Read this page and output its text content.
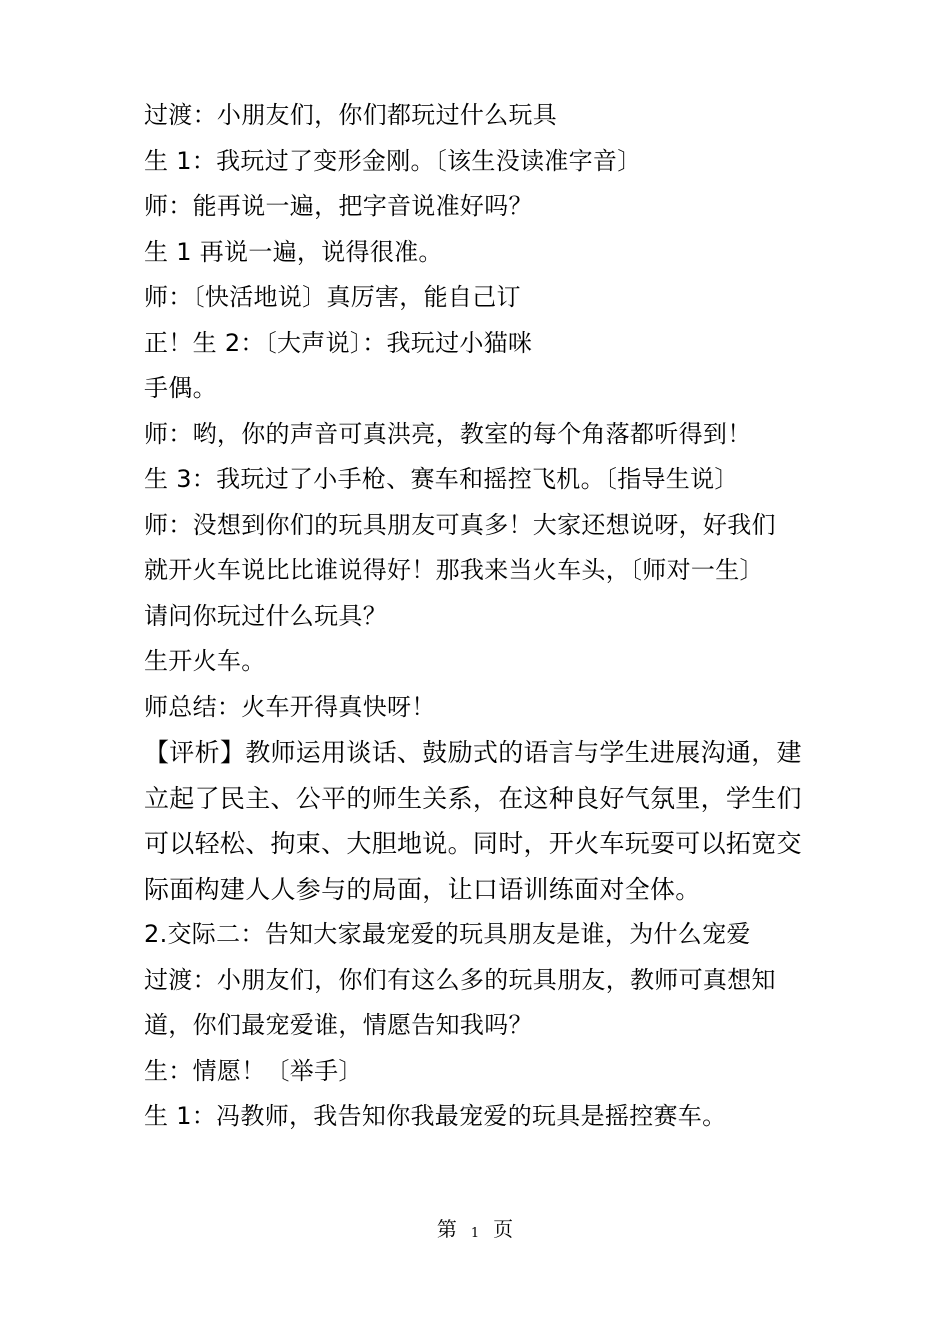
过渡：小朋友们，你们都玩过什么玩具
生 1：我玩过了变形金刚。〔该生没读准字音〕
师：能再说一遍，把字音说准好吗？
生 1 再说一遍，说得很准。
师：〔快活地说〕真厉害，能自己订
正！生 2：〔大声说〕：我玩过小猫咪
手偶。
师：哟，你的声音可真洪亮，教室的每个角落都听得到！
生 3：我玩过了小手枪、赛车和摇控飞机。〔指导生说〕
师：没想到你们的玩具朋友可真多！大家还想说呀，好我们
就开火车说比比谁说得好！那我来当火车头，〔师对一生〕
请问你玩过什么玩具？
生开火车。
师总结：火车开得真快呀！
【评析】教师运用谈话、鼓励式的语言与学生进展沟通，建
立起了民主、公平的师生关系，在这种良好气氛里，学生们
可以轻松、拘束、大胆地说。同时，开火车玩耍可以拓宽交
际面构建人人参与的局面，让口语训练面对全体。
2.交际二：告知大家最宠爱的玩具朋友是谁，为什么宠爱
过渡：小朋友们，你们有这么多的玩具朋友，教师可真想知
道，你们最宠爱谁，情愿告知我吗？
生：情愿！〔举手〕
生 1：冯教师，我告知你我最宠爱的玩具是摇控赛车。
第 1 页
